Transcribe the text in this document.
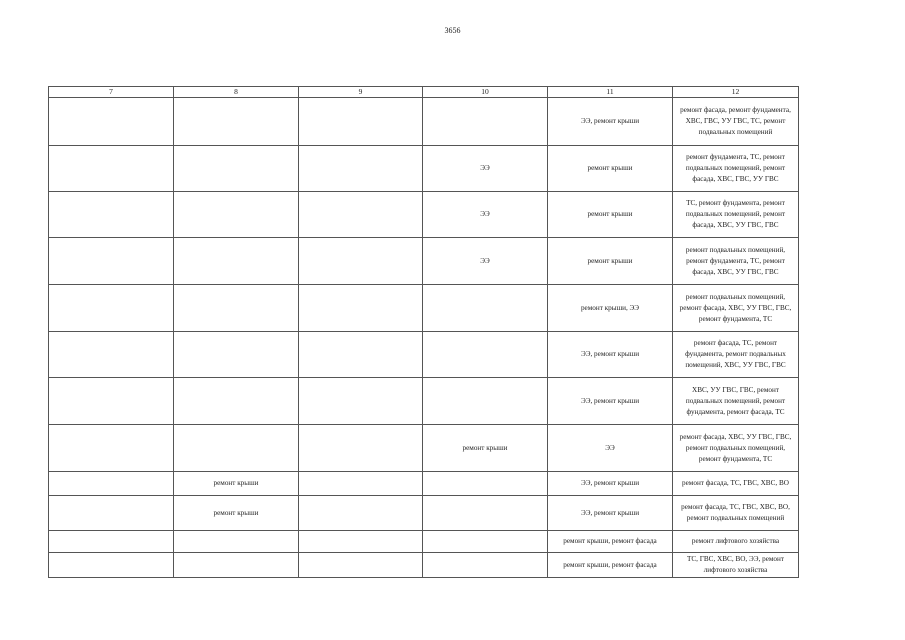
3656
7	8	9	10	11	12
				ЭЭ, ремонт крыши	ремонт фасада, ремонт фундамента, ХВС, ГВС, УУ ГВС, ТС, ремонт подвальных помещений
			ЭЭ	ремонт крыши	ремонт фундамента, ТС, ремонт подвальных помещений, ремонт фасада, ХВС, ГВС, УУ ГВС
			ЭЭ	ремонт крыши	ТС, ремонт фундамента, ремонт подвальных помещений, ремонт фасада, ХВС, УУ ГВС, ГВС
			ЭЭ	ремонт крыши	ремонт подвальных помещений, ремонт фундамента, ТС, ремонт фасада, ХВС, УУ ГВС, ГВС
				ремонт крыши, ЭЭ	ремонт подвальных помещений, ремонт фасада, ХВС, УУ ГВС, ГВС, ремонт фундамента, ТС
				ЭЭ, ремонт крыши	ремонт фасада, ТС, ремонт фундамента, ремонт подвальных помещений, ХВС, УУ ГВС, ГВС
				ЭЭ, ремонт крыши	ХВС, УУ ГВС, ГВС, ремонт подвальных помещений, ремонт фундамента, ремонт фасада, ТС
			ремонт крыши	ЭЭ	ремонт фасада, ХВС, УУ ГВС, ГВС, ремонт подвальных помещений, ремонт фундамента, ТС
	ремонт крыши			ЭЭ, ремонт крыши	ремонт фасада, ТС, ГВС, ХВС, ВО
	ремонт крыши			ЭЭ, ремонт крыши	ремонт фасада, ТС, ГВС, ХВС, ВО, ремонт подвальных помещений
				ремонт крыши, ремонт фасада	ремонт лифтового хозяйства
				ремонт крыши, ремонт фасада	ТС, ГВС, ХВС, ВО, ЭЭ, ремонт лифтового хозяйства
